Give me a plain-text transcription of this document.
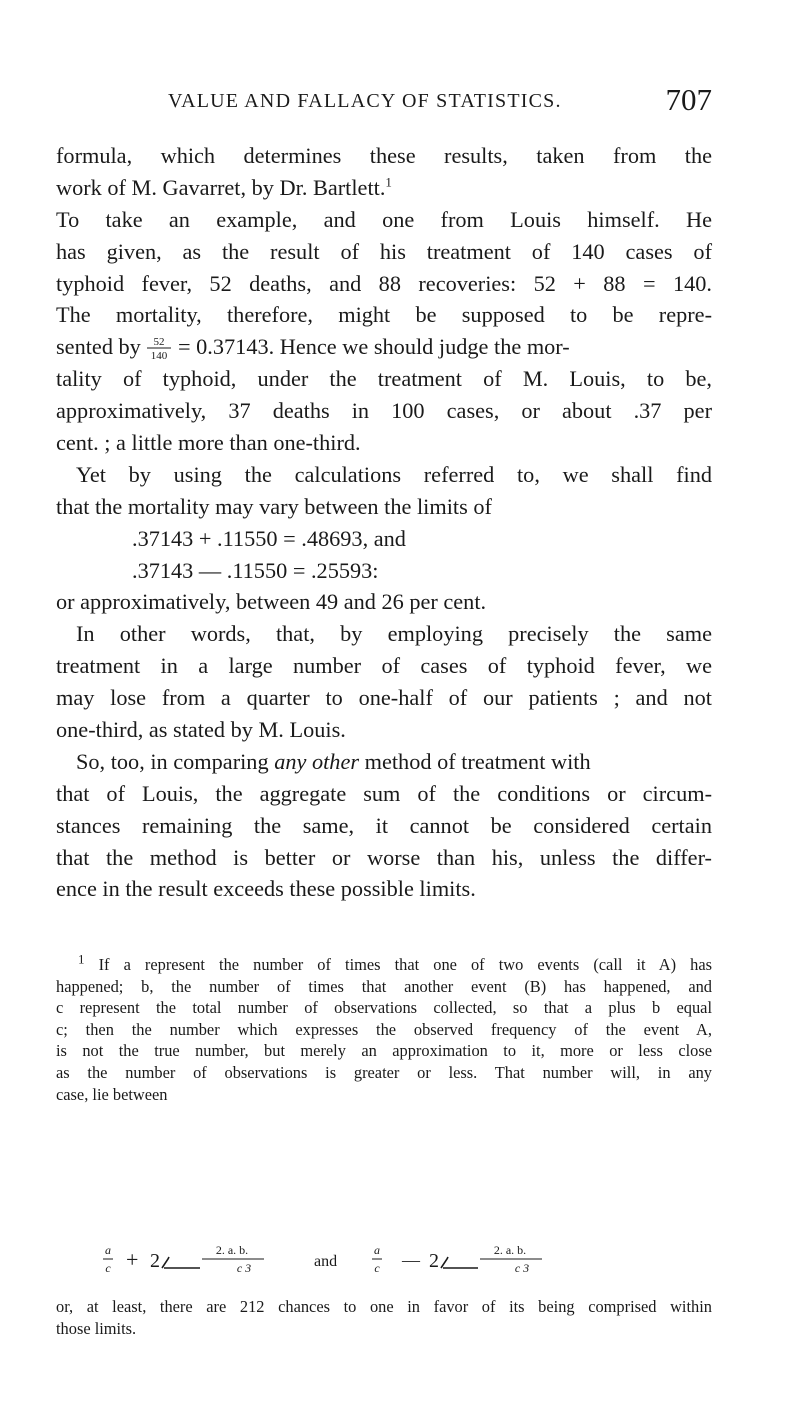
VALUE AND FALLACY OF STATISTICS.	707
formula, which determines these results, taken from the
work of M. Gavarret, by Dr. Bartlett.$^1$
To take an example, and one from Louis himself. He
has given, as the result of his treatment of 140 cases of
typhoid fever, 52 deaths, and 88 recoveries: 52 + 88 = 140.
The mortality, therefore, might be supposed to be repre-
sented by 52
140 = 0.37143. Hence we should judge the mor-
tality of typhoid, under the treatment of M. Louis, to be,
approximatively, 37 deaths in 100 cases, or about .37 per
cent. ; a little more than one-third.
Yet by using the calculations referred to, we shall find
that the mortality may vary between the limits of
.37143 + .11550 = .48693, and
.37143 — .11550 = .25593:
or approximatively, between 49 and 26 per cent.
In other words, that, by employing precisely the same
treatment in a large number of cases of typhoid fever, we
may lose from a quarter to one-half of our patients ; and not
one-third, as stated by M. Louis.
So, too, in comparing any other method of treatment with
that of Louis, the aggregate sum of the conditions or circum-
stances remaining the same, it cannot be considered certain
that the method is better or worse than his, unless the differ-
ence in the result exceeds these possible limits.
$^1$ If a represent the number of times that one of two events (call it A) has
happened; b, the number of times that another event (B) has happened, and
c represent the total number of observations collected, so that a plus b equal
c; then the number which expresses the observed frequency of the event A,
is not the true number, but merely an approximation to it, more or less close
as the number of observations is greater or less. That number will, in any
case, lie between
a
c + 2	2. a. b.
c 3	and
a
c — 2	2. a. b.
c 3
or, at least, there are 212 chances to one in favor of its being comprised within
those limits.
